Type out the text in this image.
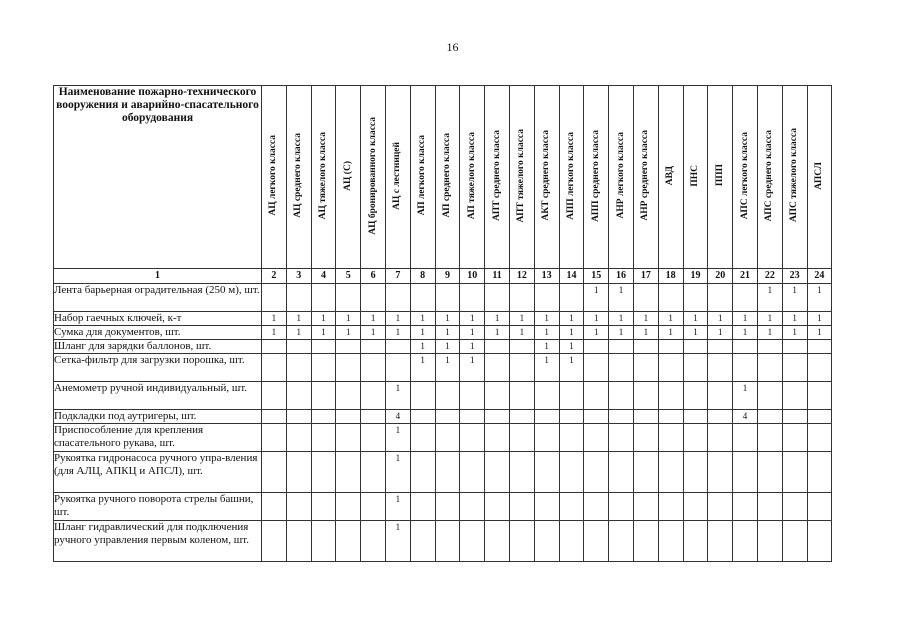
16
Наименование пожарно-технического вооружения и аварийно-спасательного оборудования	АЦ легкого класса	АЦ среднего класса	АЦ тяжелого класса	АЦ (С)	АЦ бронированного класса	АЦ с лестницей	АП легкого класса	АП среднего класса	АП тяжелого класса	АПТ среднего класса	АПТ тяжелого класса	АКТ среднего класса	АПП легкого класса	АПП среднего класса	АНР легкого класса	АНР среднего класса	АВД	ПНС	ППП	АПС легкого класса	АПС среднего класса	АПС тяжелого класса	АПСЛ
1	2	3	4	5	6	7	8	9	10	11	12	13	14	15	16	17	18	19	20	21	22	23	24
Лента барьерная оградительная (250 м), шт.														1	1						1	1	1
Набор гаечных ключей, к-т	1	1	1	1	1	1	1	1	1	1	1	1	1	1	1	1	1	1	1	1	1	1	1
Сумка для документов, шт.	1	1	1	1	1	1	1	1	1	1	1	1	1	1	1	1	1	1	1	1	1	1	1
Шланг для зарядки баллонов, шт.							1	1	1			1	1										
Сетка-фильтр для загрузки порошка, шт.							1	1	1			1	1										
Анемометр ручной индивидуальный, шт.						1														1			
Подкладки под аутригеры, шт.						4														4			
Приспособление для крепления спасательного рукава, шт.						1																	
Рукоятка гидронасоса ручного упра-вления (для АЛЦ, АПКЦ и АПСЛ), шт.						1																	
Рукоятка ручного поворота стрелы башни, шт.						1																	
Шланг гидравлический для подключения ручного управления первым коленом, шт.						1																	
